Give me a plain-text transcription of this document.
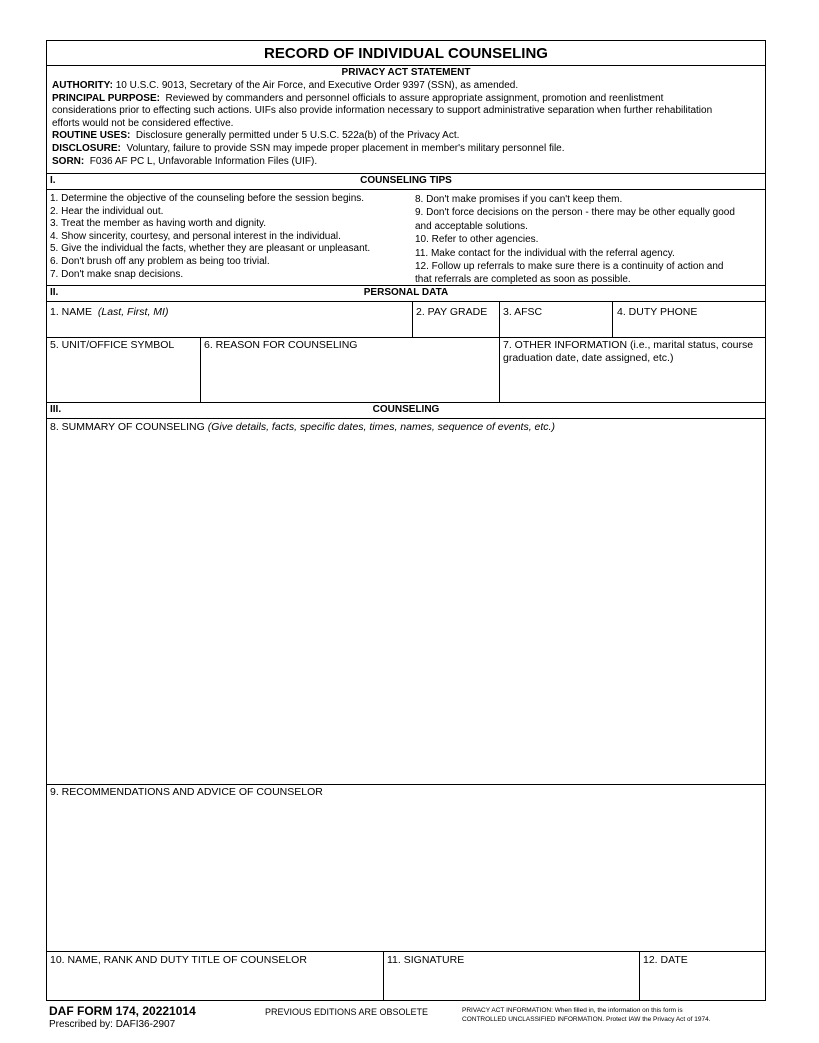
RECORD OF INDIVIDUAL COUNSELING
PRIVACY ACT STATEMENT
AUTHORITY: 10 U.S.C. 9013, Secretary of the Air Force, and Executive Order 9397 (SSN), as amended.
PRINCIPAL PURPOSE: Reviewed by commanders and personnel officials to assure appropriate assignment, promotion and reenlistment
considerations prior to effecting such actions. UIFs also provide information necessary to support administrative separation when further rehabilitation
efforts would not be considered effective.
ROUTINE USES: Disclosure generally permitted under 5 U.S.C. 522a(b) of the Privacy Act.
DISCLOSURE: Voluntary, failure to provide SSN may impede proper placement in member's military personnel file.
SORN: F036 AF PC L, Unfavorable Information Files (UIF).
I.	COUNSELING TIPS
1. Determine the objective of the counseling before the session begins.
2. Hear the individual out.
3. Treat the member as having worth and dignity.
4. Show sincerity, courtesy, and personal interest in the individual.
5. Give the individual the facts, whether they are pleasant or unpleasant.
6. Don't brush off any problem as being too trivial.
7. Don't make snap decisions.
8. Don't make promises if you can't keep them.
9. Don't force decisions on the person - there may be other equally good
and acceptable solutions.
10. Refer to other agencies.
11. Make contact for the individual with the referral agency.
12. Follow up referrals to make sure there is a continuity of action and
that referrals are completed as soon as possible.
II.	PERSONAL DATA
1. NAME (Last, First, MI)	2. PAY GRADE 3. AFSC	4. DUTY PHONE
5. UNIT/OFFICE SYMBOL	6. REASON FOR COUNSELING	7. OTHER INFORMATION (i.e., marital status, course
graduation date, date assigned, etc.)
III.	COUNSELING
8. SUMMARY OF COUNSELING (Give details, facts, specific dates, times, names, sequence of events, etc.)
9. RECOMMENDATIONS AND ADVICE OF COUNSELOR
10. NAME, RANK AND DUTY TITLE OF COUNSELOR	11. SIGNATURE	12. DATE
DAF FORM 174, 20221014
Prescribed by: DAFI36-2907
PREVIOUS EDITIONS ARE OBSOLETE	PRIVACY ACT INFORMATION: When filled in, the information on this form is
CONTROLLED UNCLASSIFIED INFORMATION. Protect IAW the Privacy Act of 1974.
